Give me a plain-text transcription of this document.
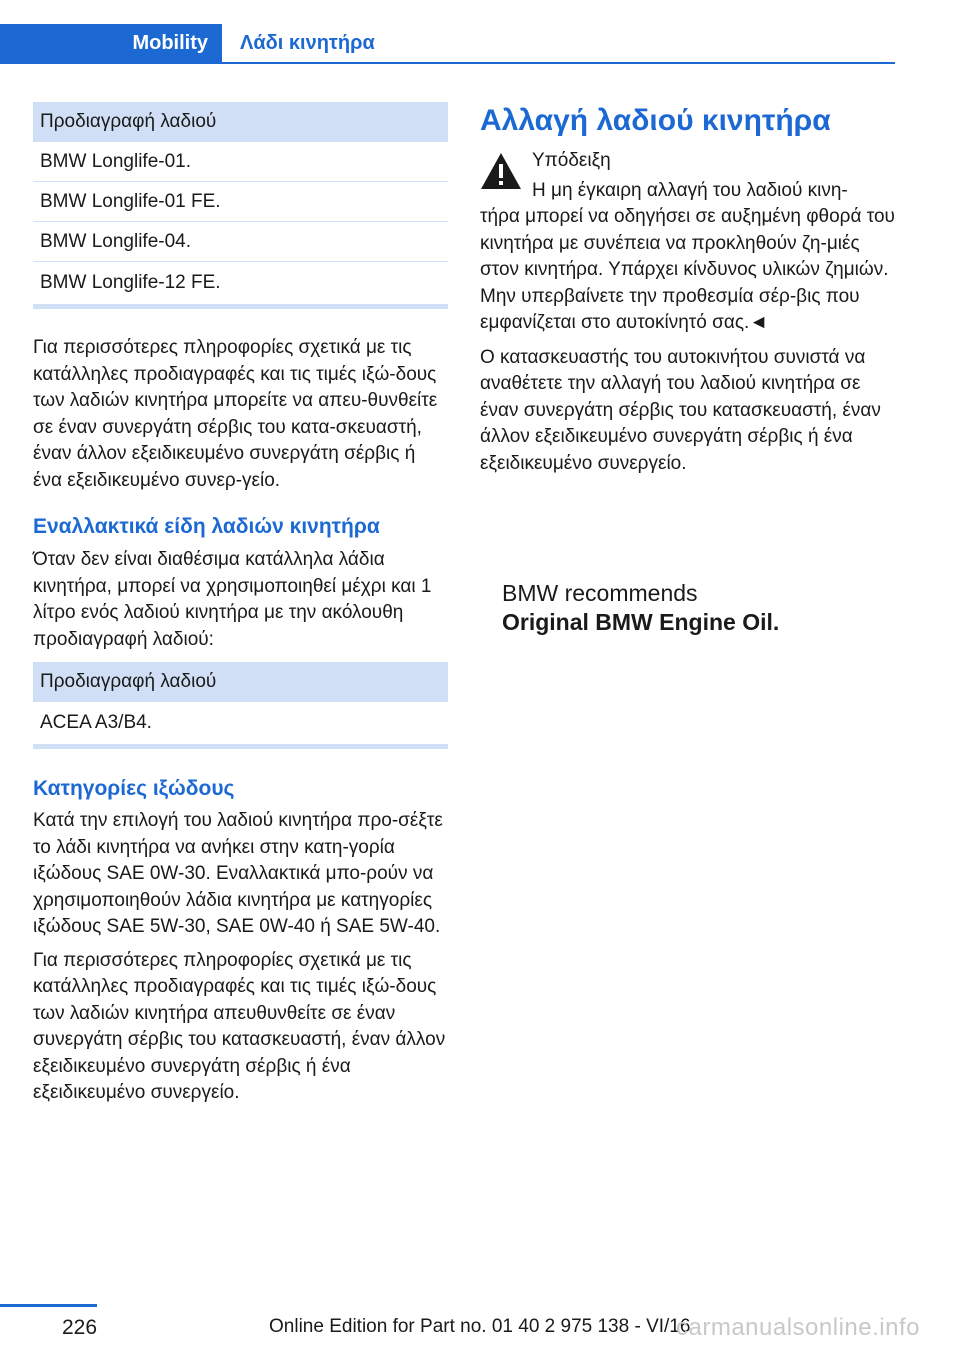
Mobility	Λάδι κινητήρα
Προδιαγραφή λαδιού
BMW Longlife-01.
BMW Longlife-01 FE.
BMW Longlife-04.
BMW Longlife-12 FE.

Για περισσότερες πληροφορίες σχετικά με τις κατάλληλες προδιαγραφές και τις τιμές ιξώ-δους των λαδιών κινητήρα μπορείτε να απευ-θυνθείτε σε έναν συνεργάτη σέρβις του κατα-σκευαστή, έναν άλλον εξειδικευμένο συνεργάτη σέρβις ή ένα εξειδικευμένο συνερ-γείο.

Εναλλακτικά είδη λαδιών κινητήρα

Όταν δεν είναι διαθέσιμα κατάλληλα λάδια κινητήρα, μπορεί να χρησιμοποιηθεί μέχρι και 1 λίτρο ενός λαδιού κινητήρα με την ακόλουθη προδιαγραφή λαδιού:

Προδιαγραφή λαδιού
ACEA A3/B4.
Κατηγορίες ιξώδους

Κατά την επιλογή του λαδιού κινητήρα προ-σέξτε το λάδι κινητήρα να ανήκει στην κατη-γορία ιξώδους SAE 0W-30. Εναλλακτικά μπο-ρούν να χρησιμοποιηθούν λάδια κινητήρα με κατηγορίες ιξώδους SAE 5W-30, SAE 0W-40 ή SAE 5W-40.

Για περισσότερες πληροφορίες σχετικά με τις κατάλληλες προδιαγραφές και τις τιμές ιξώ-δους των λαδιών κινητήρα απευθυνθείτε σε έναν συνεργάτη σέρβις του κατασκευαστή, έναν άλλον εξειδικευμένο συνεργάτη σέρβις ή ένα εξειδικευμένο συνεργείο.

Αλλαγή λαδιού κινητήρα
Υπόδειξη

Η μη έγκαιρη αλλαγή του λαδιού κινη-

τήρα μπορεί να οδηγήσει σε αυξημένη φθορά του κινητήρα με συνέπεια να προκληθούν ζη-μιές στον κινητήρα. Υπάρχει κίνδυνος υλικών ζημιών. Μην υπερβαίνετε την προθεσμία σέρ-βις που εμφανίζεται στο αυτοκίνητό σας.◄

Ο κατασκευαστής του αυτοκινήτου συνιστά να αναθέτετε την αλλαγή του λαδιού κινητήρα σε έναν συνεργάτη σέρβις του κατασκευαστή, έναν άλλον εξειδικευμένο συνεργάτη σέρβις ή ένα εξειδικευμένο συνεργείο.

BMW recommends
Original BMW Engine Oil.
226	Online Edition for Part no. 01 40 2 975 138 - VI/16
carmanualsonline.info
